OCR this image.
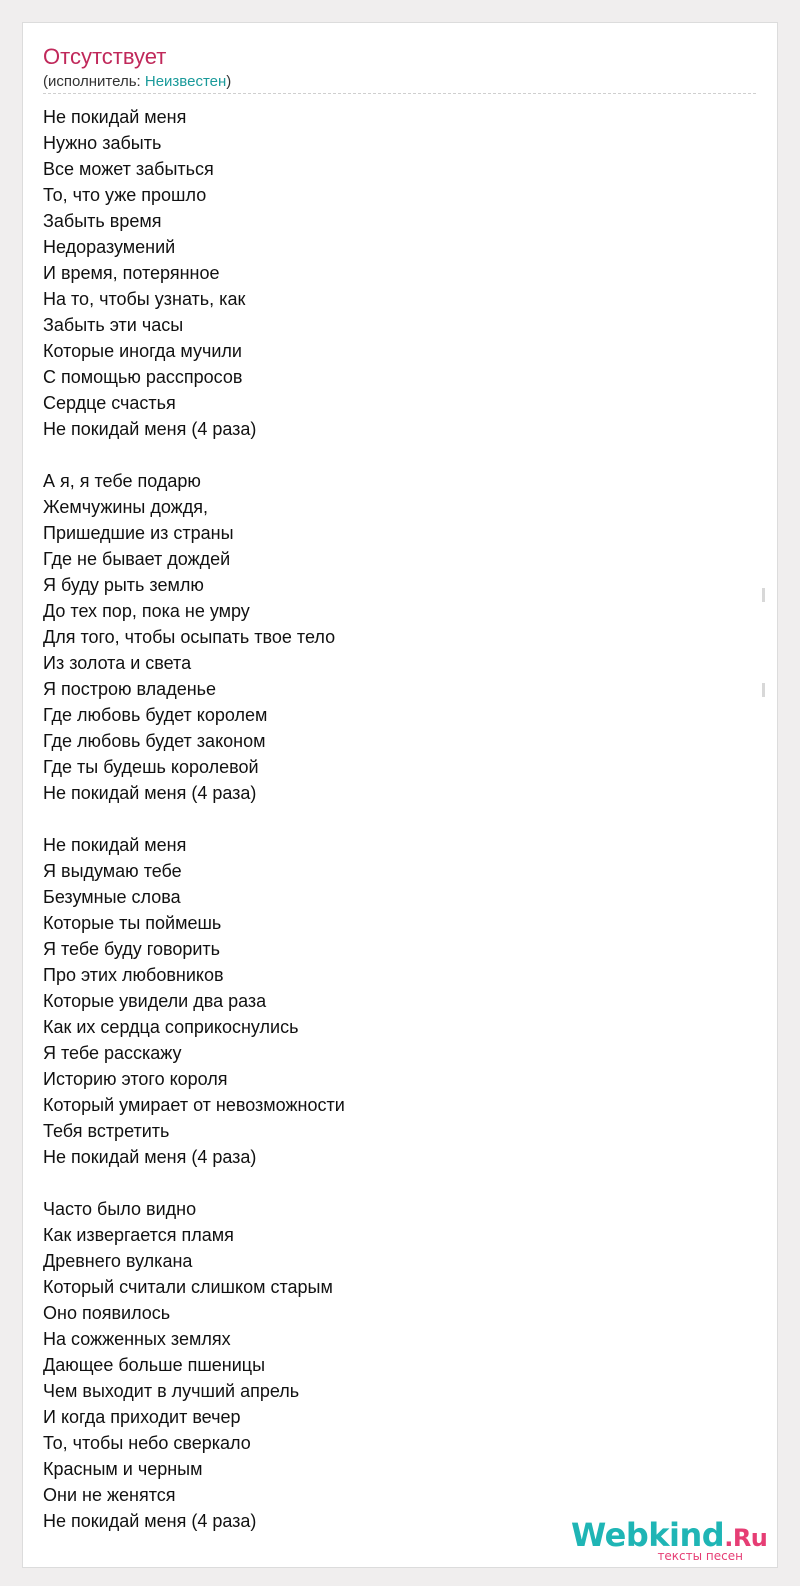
Отсутствует
(исполнитель: Неизвестен)
Не покидай меня
Нужно забыть
Все может забыться
То, что уже прошло
Забыть время
Недоразумений
И время, потерянное
На то, чтобы узнать, как
Забыть эти часы
Которые иногда мучили
С помощью расспросов
Сердце счастья
Не покидай меня (4 раза)
А я, я тебе подарю
Жемчужины дождя,
Пришедшие из страны
Где не бывает дождей
Я буду рыть землю
До тех пор, пока не умру
Для того, чтобы осыпать твое тело
Из золота и света
Я построю владенье
Где любовь будет королем
Где любовь будет законом
Где ты будешь королевой
Не покидай меня (4 раза)
Не покидай меня
Я выдумаю тебе
Безумные слова
Которые ты поймешь
Я тебе буду говорить
Про этих любовников
Которые увидели два раза
Как их сердца соприкоснулись
Я тебе расскажу
Историю этого короля
Который умирает от невозможности
Тебя встретить
Не покидай меня (4 раза)
Часто было видно
Как извергается пламя
Древнего вулкана
Который считали слишком старым
Оно появилось
На сожженных землях
Дающее больше пшеницы
Чем выходит в лучший апрель
И когда приходит вечер
То, чтобы небо сверкало
Красным и черным
Они не женятся
Не покидай меня (4 раза)	Webkind.Ru
тексты песен
